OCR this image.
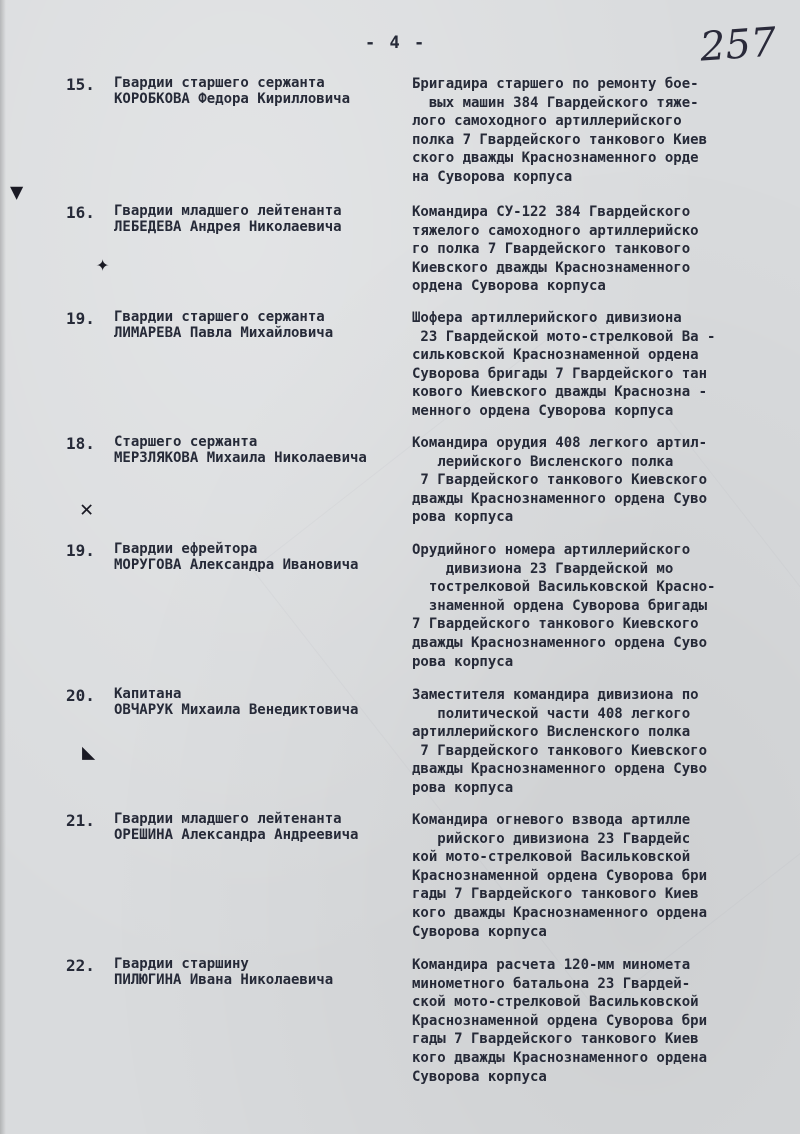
- 4 -	257
15. Гвардии старшего сержанта
КОРОБКОВА Федора Кирилловича
Бригадира старшего по ремонту бое-
вых машин 384 Гвардейского тяже-
лого самоходного артиллерийского
полка 7 Гвардейского танкового Киев
ского дважды Краснознаменного орде
на Суворова корпуса
16. Гвардии младшего лейтенанта
ЛЕБЕДЕВА Андрея Николаевича
Командира СУ-122 384 Гвардейского
тяжелого самоходного артиллерийско
го полка 7 Гвардейского танкового
Киевского дважды Краснознаменного
ордена Суворова корпуса
19. Гвардии старшего сержанта
ЛИМАРЕВА Павла Михайловича
Шофера артиллерийского дивизиона
23 Гвардейской мото-стрелковой Ва -
сильковской Краснознаменной ордена
Суворова бригады 7 Гвардейского тан
кового Киевского дважды Краснозна -
менного ордена Суворова корпуса
18. Старшего сержанта
МЕРЗЛЯКОВА Михаила Николаевича
Командира орудия 408 легкого артил-
лерийского Висленского полка
7 Гвардейского танкового Киевского
дважды Краснознаменного ордена Суво
рова корпуса
19. Гвардии ефрейтора
МОРУГОВА Александра Ивановича
Орудийного номера артиллерийского
дивизиона 23 Гвардейской мо
тострелковой Васильковской Красно-
знаменной ордена Суворова бригады
7 Гвардейского танкового Киевского
дважды Краснознаменного ордена Суво
рова корпуса
20. Капитана
ОВЧАРУК Михаила Венедиктовича
Заместителя командира дивизиона по
политической части 408 легкого
артиллерийского Висленского полка
7 Гвардейского танкового Киевского
дважды Краснознаменного ордена Суво
рова корпуса
21. Гвардии младшего лейтенанта
ОРЕШИНА Александра Андреевича
Командира огневого взвода артилле
рийского дивизиона 23 Гвардейс
кой мото-стрелковой Васильковской
Краснознаменной ордена Суворова бри
гады 7 Гвардейского танкового Киев
кого дважды Краснознаменного ордена
Суворова корпуса
22. Гвардии старшину
ПИЛЮГИНА Ивана Николаевича
Командира расчета 120-мм миномета
минометного батальона 23 Гвардей-
ской мото-стрелковой Васильковской
Краснознаменной ордена Суворова бри
гады 7 Гвардейского танкового Киев
кого дважды Краснознаменного ордена
Суворова корпуса
▼
✦
✕
◣
